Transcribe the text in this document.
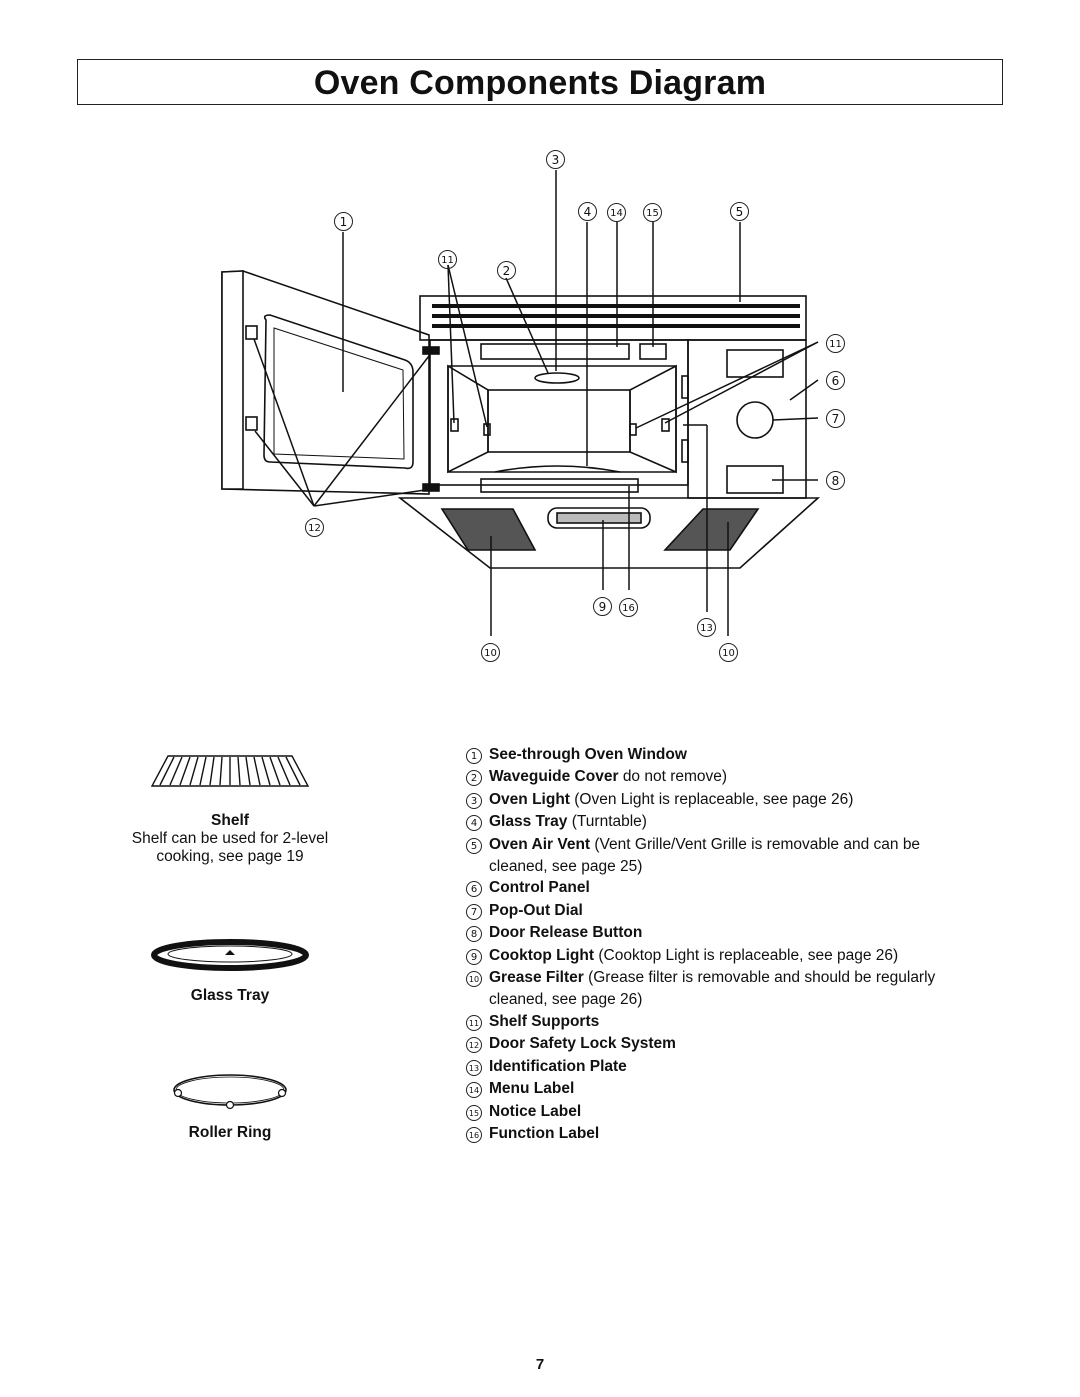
Oven Components Diagram
1
2
3
4	14	15	5
11
11
6
7
8
12
9	16
13
10	10
Shelf
Shelf can be used for 2-level cooking, see page 19
Glass Tray
Roller Ring
1 See-through Oven Window
2 Waveguide Cover do not remove)
3 Oven Light (Oven Light is replaceable, see page 26)
4 Glass Tray (Turntable)
5 Oven Air Vent (Vent Grille/Vent Grille is removable and can be
cleaned, see page 25)
6 Control Panel
7 Pop-Out Dial
8 Door Release Button
9 Cooktop Light (Cooktop Light is replaceable, see page 26)
10 Grease Filter (Grease filter is removable and should be regularly
cleaned, see page 26)
11 Shelf Supports
12 Door Safety Lock System
13 Identification Plate
14 Menu Label
15 Notice Label
16 Function Label
7
